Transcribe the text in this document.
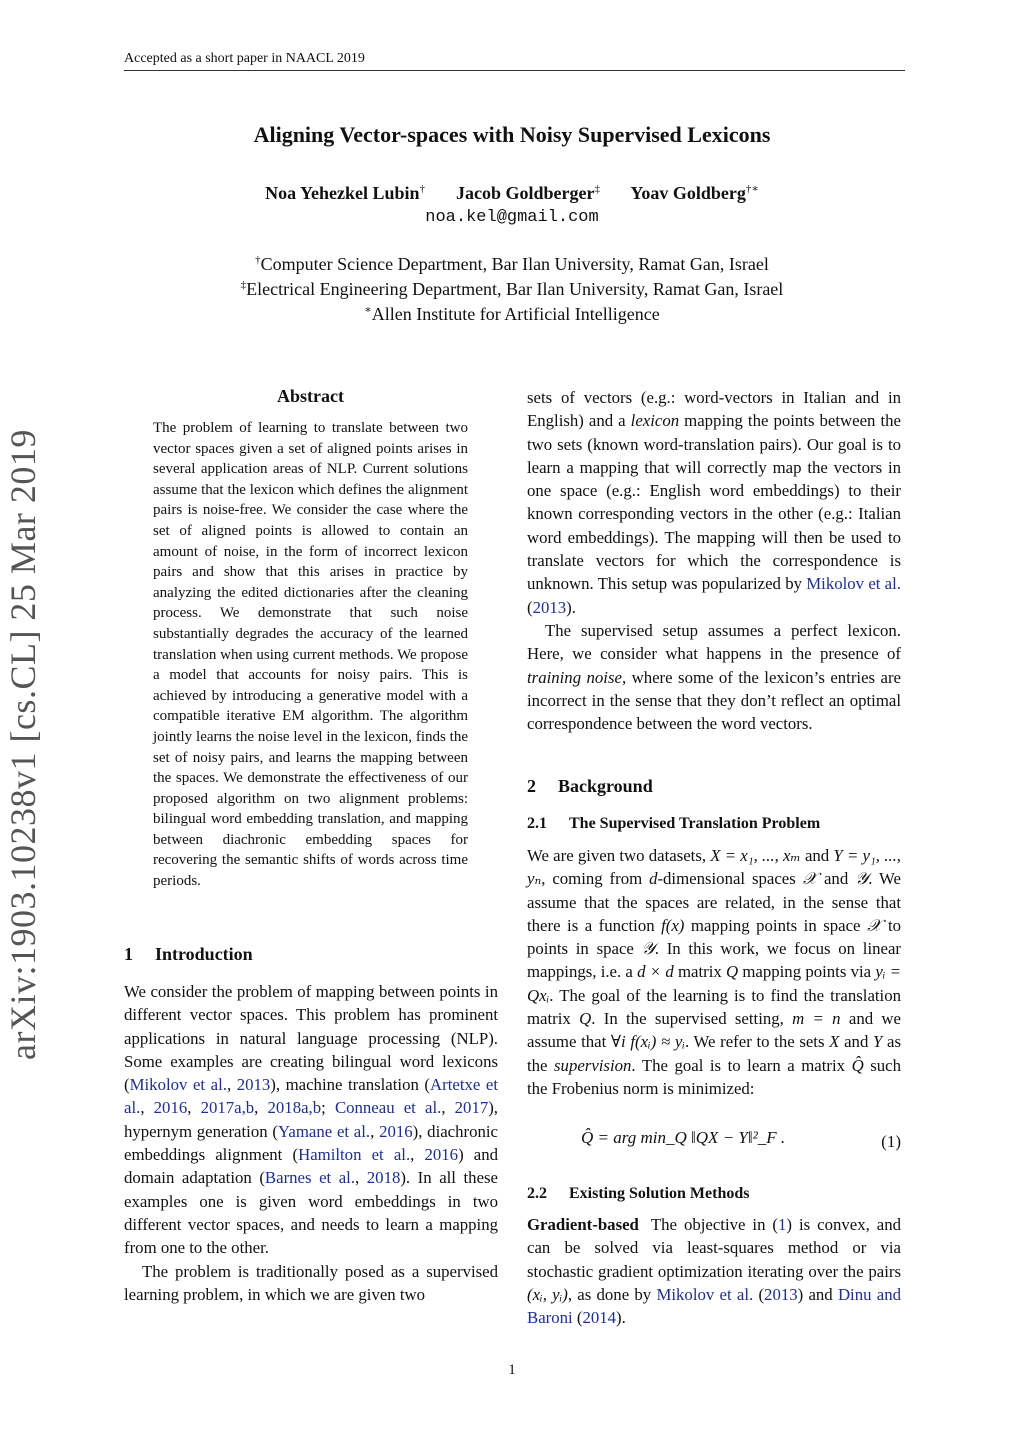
Accepted as a short paper in NAACL 2019
arXiv:1903.10238v1 [cs.CL] 25 Mar 2019
Aligning Vector-spaces with Noisy Supervised Lexicons
Noa Yehezkel Lubin† Jacob Goldberger‡ Yoav Goldberg†∗
noa.kel@gmail.com
†Computer Science Department, Bar Ilan University, Ramat Gan, Israel
‡Electrical Engineering Department, Bar Ilan University, Ramat Gan, Israel
∗Allen Institute for Artificial Intelligence
Abstract
The problem of learning to translate between two vector spaces given a set of aligned points arises in several application areas of NLP. Current solutions assume that the lexicon which defines the alignment pairs is noise-free. We consider the case where the set of aligned points is allowed to contain an amount of noise, in the form of incorrect lexicon pairs and show that this arises in practice by analyzing the edited dictionaries after the cleaning process. We demonstrate that such noise substantially degrades the accuracy of the learned translation when using current methods. We propose a model that accounts for noisy pairs. This is achieved by introducing a generative model with a compatible iterative EM algorithm. The algorithm jointly learns the noise level in the lexicon, finds the set of noisy pairs, and learns the mapping between the spaces. We demonstrate the effectiveness of our proposed algorithm on two alignment problems: bilingual word embedding translation, and mapping between diachronic embedding spaces for recovering the semantic shifts of words across time periods.
1 Introduction

We consider the problem of mapping between points in different vector spaces. This problem has prominent applications in natural language processing (NLP). Some examples are creating bilingual word lexicons (Mikolov et al., 2013), machine translation (Artetxe et al., 2016, 2017a,b, 2018a,b; Conneau et al., 2017), hypernym generation (Yamane et al., 2016), diachronic embeddings alignment (Hamilton et al., 2016) and domain adaptation (Barnes et al., 2018). In all these examples one is given word embeddings in two different vector spaces, and needs to learn a mapping from one to the other.

The problem is traditionally posed as a supervised learning problem, in which we are given two

sets of vectors (e.g.: word-vectors in Italian and in English) and a lexicon mapping the points between the two sets (known word-translation pairs). Our goal is to learn a mapping that will correctly map the vectors in one space (e.g.: English word embeddings) to their known corresponding vectors in the other (e.g.: Italian word embeddings). The mapping will then be used to translate vectors for which the correspondence is unknown. This setup was popularized by Mikolov et al. (2013).

The supervised setup assumes a perfect lexicon. Here, we consider what happens in the presence of training noise, where some of the lexicon’s entries are incorrect in the sense that they don’t reflect an optimal correspondence between the word vectors.

2 Background
2.1 The Supervised Translation Problem

We are given two datasets, X = x₁, ..., xₘ and Y = y₁, ..., yₙ, coming from d-dimensional spaces 𝒳 and 𝒴. We assume that the spaces are related, in the sense that there is a function f(x) mapping points in space 𝒳 to points in space 𝒴. In this work, we focus on linear mappings, i.e. a d × d matrix Q mapping points via yᵢ = Qxᵢ. The goal of the learning is to find the translation matrix Q. In the supervised setting, m = n and we assume that ∀i f(xᵢ) ≈ yᵢ. We refer to the sets X and Y as the supervision. The goal is to learn a matrix Q̂ such the Frobenius norm is minimized:

Q̂ = arg min_Q ‖QX − Y‖²_F .	(1)
2.2 Existing Solution Methods

Gradient-based The objective in (1) is convex, and can be solved via least-squares method or via stochastic gradient optimization iterating over the pairs (xᵢ, yᵢ), as done by Mikolov et al. (2013) and Dinu and Baroni (2014).

1
